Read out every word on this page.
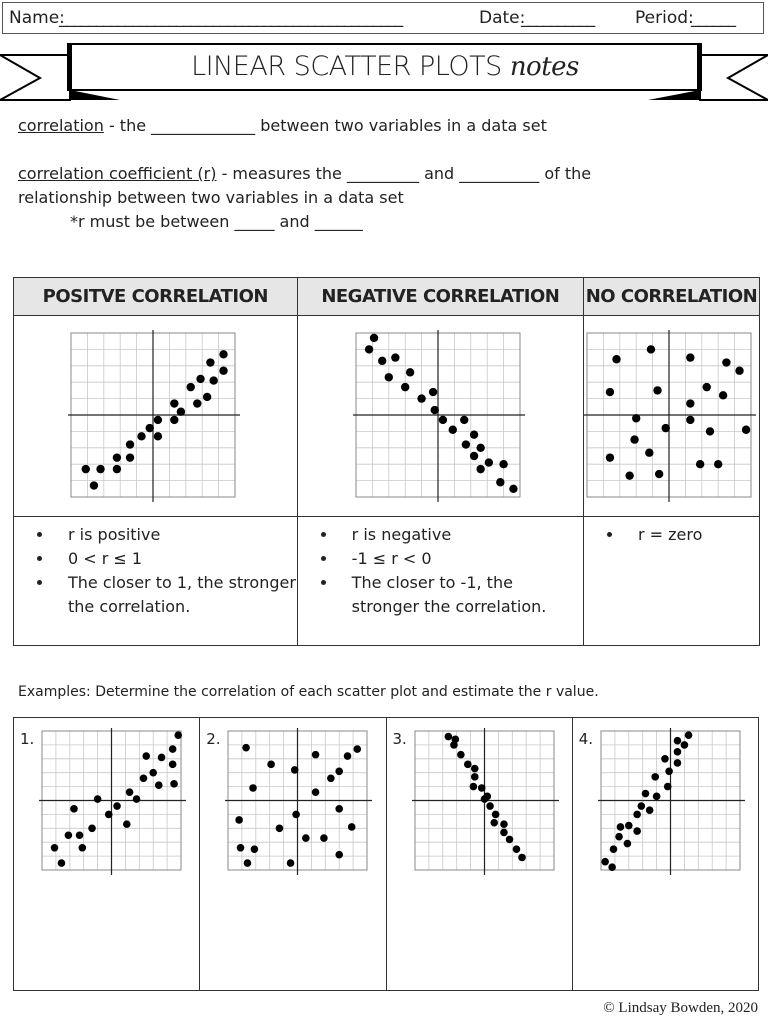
Name:
_______________________________________________	Date:
__________ Period:
______
LINEAR SCATTER PLOTS notes
correlation - the _____________ between two variables in a data set
correlation coefficient (r) - measures the _________ and __________ of the
relationship between two variables in a data set
*r must be between _____ and ______
POSITVE CORRELATION	NEGATIVE CORRELATION	NO CORRELATION

• r is positive
• 0 < r ≤ 1
• The closer to 1, the stronger the correlation.

• r is negative
• -1 ≤ r < 0
• The closer to -1, the stronger the correlation.

• r = zero
Examples: Determine the correlation of each scatter plot and estimate the r value.
1.	2.	3.	4.
© Lindsay Bowden, 2020
